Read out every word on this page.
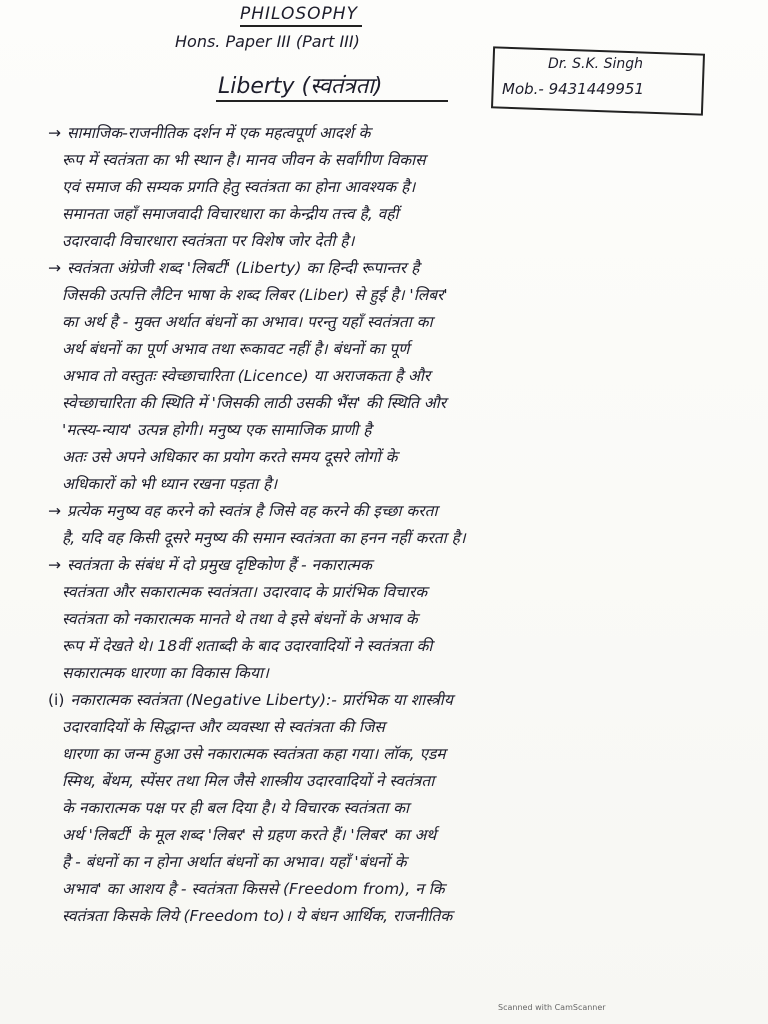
PHILOSOPHY
Hons. Paper III (Part III)
Liberty (स्वतंत्रता)
Dr. S.K. Singh
Mob.- 9431449951
→ सामाजिक-राजनीतिक दर्शन में एक महत्वपूर्ण आदर्श के
रूप में स्वतंत्रता का भी स्थान है। मानव जीवन के सर्वांगीण विकास
एवं समाज की सम्यक प्रगति हेतु स्वतंत्रता का होना आवश्यक है।
समानता जहाँ समाजवादी विचारधारा का केन्द्रीय तत्त्व है, वहीं
उदारवादी विचारधारा स्वतंत्रता पर विशेष जोर देती है।
→ स्वतंत्रता अंग्रेजी शब्द 'लिबर्टी' (Liberty) का हिन्दी रूपान्तर है
जिसकी उत्पत्ति लैटिन भाषा के शब्द लिबर (Liber) से हुई है। 'लिबर'
का अर्थ है - मुक्त अर्थात बंधनों का अभाव। परन्तु यहाँ स्वतंत्रता का
अर्थ बंधनों का पूर्ण अभाव तथा रूकावट नहीं है। बंधनों का पूर्ण
अभाव तो वस्तुतः स्वेच्छाचारिता (Licence) या अराजकता है और
स्वेच्छाचारिता की स्थिति में 'जिसकी लाठी उसकी भैंस' की स्थिति और
'मत्स्य-न्याय' उत्पन्न होगी। मनुष्य एक सामाजिक प्राणी है
अतः उसे अपने अधिकार का प्रयोग करते समय दूसरे लोगों के
अधिकारों को भी ध्यान रखना पड़ता है।
→ प्रत्येक मनुष्य वह करने को स्वतंत्र है जिसे वह करने की इच्छा करता
है, यदि वह किसी दूसरे मनुष्य की समान स्वतंत्रता का हनन नहीं करता है।
→ स्वतंत्रता के संबंध में दो प्रमुख दृष्टिकोण हैं - नकारात्मक
स्वतंत्रता और सकारात्मक स्वतंत्रता। उदारवाद के प्रारंभिक विचारक
स्वतंत्रता को नकारात्मक मानते थे तथा वे इसे बंधनों के अभाव के
रूप में देखते थे। 18वीं शताब्दी के बाद उदारवादियों ने स्वतंत्रता की
सकारात्मक धारणा का विकास किया।
(i) नकारात्मक स्वतंत्रता (Negative Liberty):- प्रारंभिक या शास्त्रीय
उदारवादियों के सिद्धान्त और व्यवस्था से स्वतंत्रता की जिस
धारणा का जन्म हुआ उसे नकारात्मक स्वतंत्रता कहा गया। लॉक, एडम
स्मिथ, बेंथम, स्पेंसर तथा मिल जैसे शास्त्रीय उदारवादियों ने स्वतंत्रता
के नकारात्मक पक्ष पर ही बल दिया है। ये विचारक स्वतंत्रता का
अर्थ 'लिबर्टी' के मूल शब्द 'लिबर' से ग्रहण करते हैं। 'लिबर' का अर्थ
है - बंधनों का न होना अर्थात बंधनों का अभाव। यहाँ 'बंधनों के
अभाव' का आशय है - स्वतंत्रता किससे (Freedom from), न कि
स्वतंत्रता किसके लिये (Freedom to)। ये बंधन आर्थिक, राजनीतिक
Scanned with CamScanner
